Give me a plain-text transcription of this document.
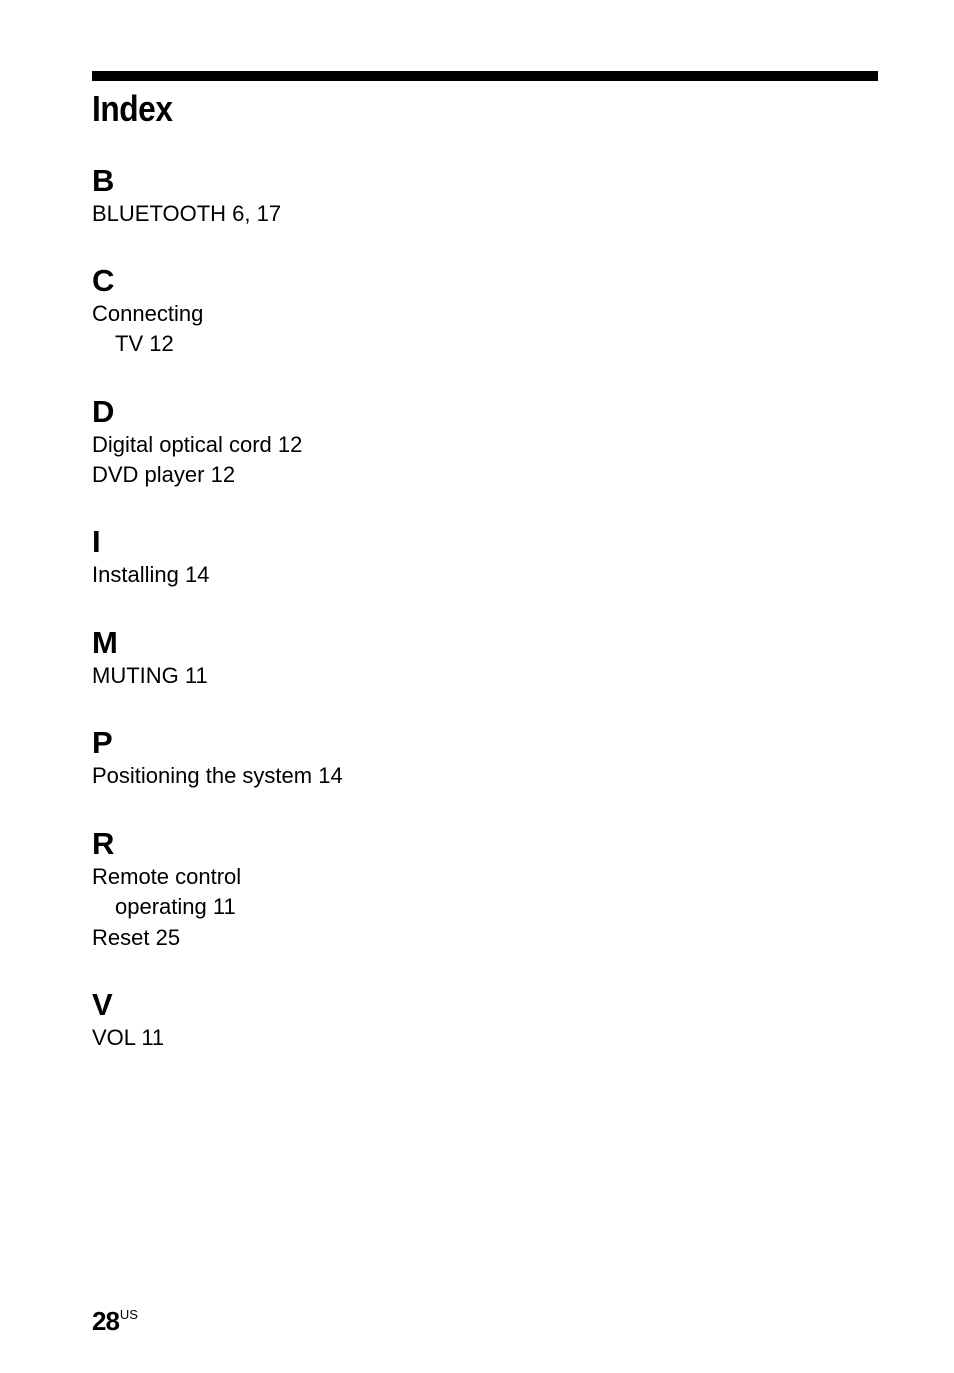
Index
B
BLUETOOTH 6, 17
C
Connecting
TV 12
D
Digital optical cord 12
DVD player 12
I
Installing 14
M
MUTING 11
P
Positioning the system 14
R
Remote control
operating 11
Reset 25
V
VOL 11
$28^{US}$
